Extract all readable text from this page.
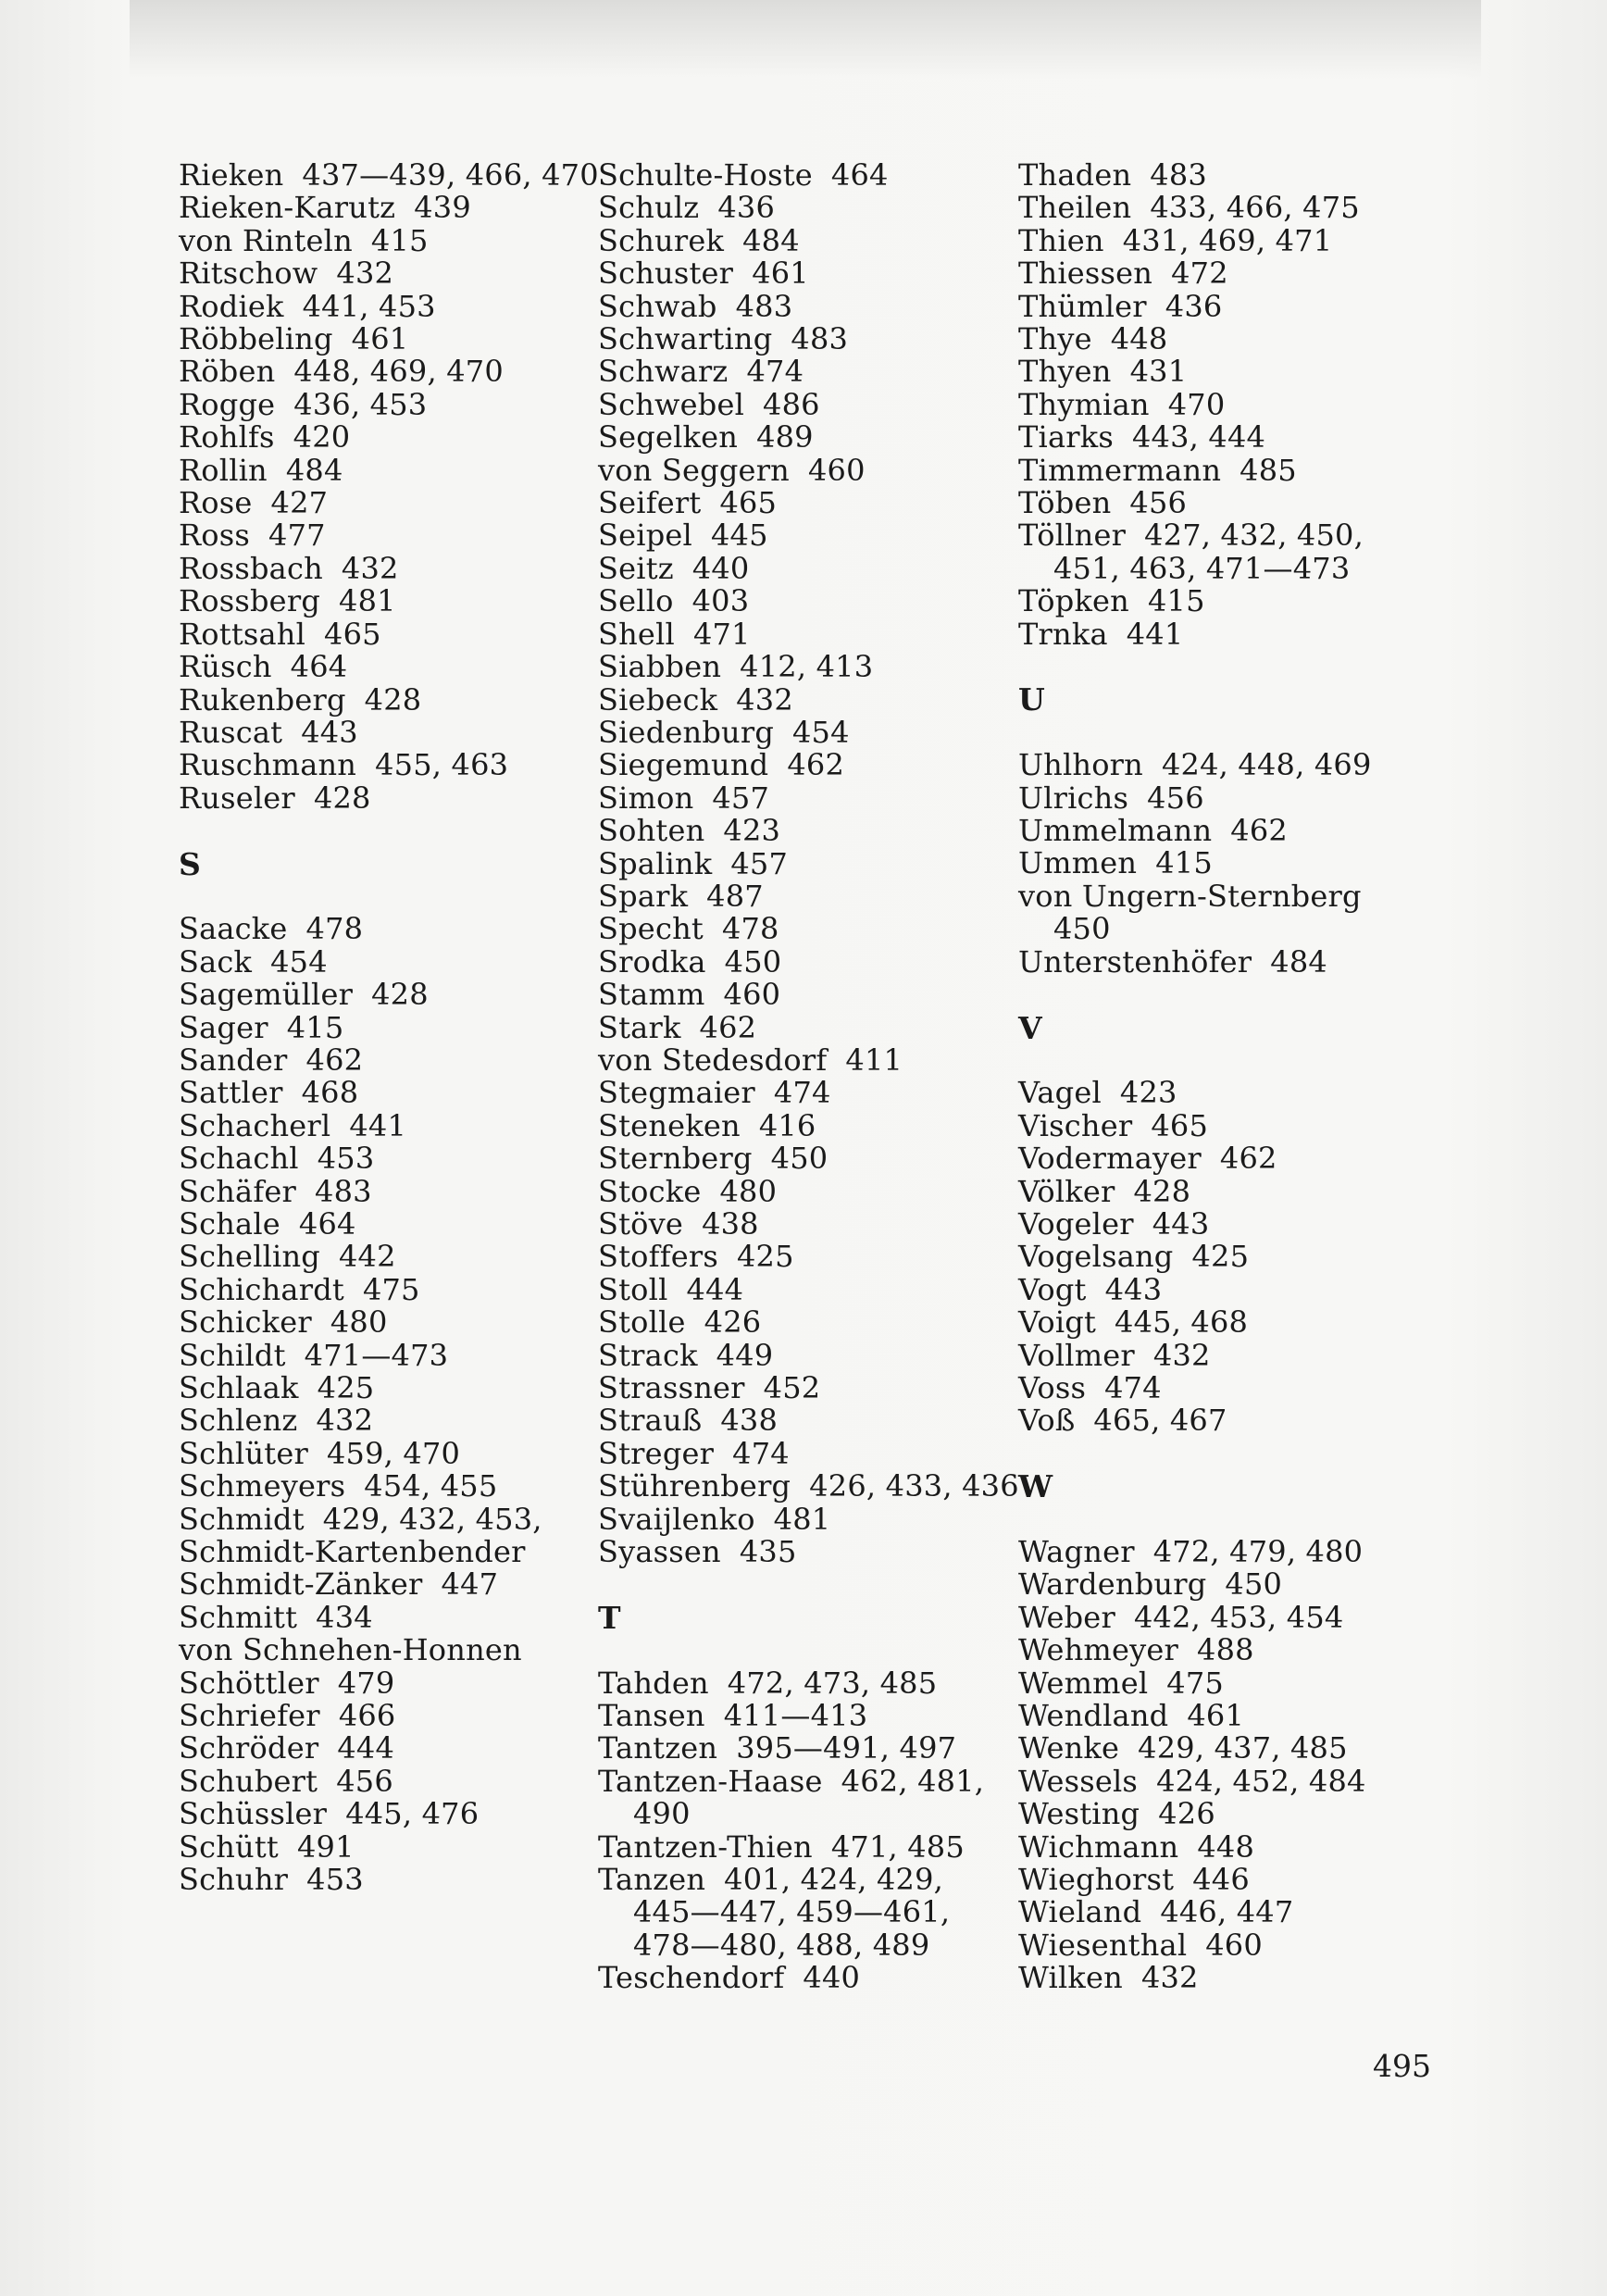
Rieken 437—439, 466, 470
Rieken-Karutz 439
von Rinteln 415
Ritschow 432
Rodiek 441, 453
Röbbeling 461
Röben 448, 469, 470
Rogge 436, 453
Rohlfs 420
Rollin 484
Rose 427
Ross 477
Rossbach 432
Rossberg 481
Rottsahl 465
Rüsch 464
Rukenberg 428
Ruscat 443
Ruschmann 455, 463
Ruseler 428
S
Saacke 478
Sack 454
Sagemüller 428
Sager 415
Sander 462
Sattler 468
Schacherl 441
Schachl 453
Schäfer 483
Schale 464
Schelling 442
Schichardt 475
Schicker 480
Schildt 471—473
Schlaak 425
Schlenz 432
Schlüter 459, 470
Schmeyers 454, 455
Schmidt 429, 432, 453,
Schmidt-Kartenbender
Schmidt-Zänker 447
Schmitt 434
von Schnehen-Honnen
Schöttler 479
Schriefer 466
Schröder 444
Schubert 456
Schüssler 445, 476
Schütt 491
Schuhr 453
Schulte-Hoste 464
Schulz 436
Schurek 484
Schuster 461
Schwab 483
Schwarting 483
Schwarz 474
Schwebel 486
Segelken 489
von Seggern 460
Seifert 465
Seipel 445
Seitz 440
Sello 403
Shell 471
Siabben 412, 413
Siebeck 432
Siedenburg 454
Siegemund 462
Simon 457
Sohten 423
Spalink 457
Spark 487
Specht 478
Srodka 450
Stamm 460
Stark 462
von Stedesdorf 411
Stegmaier 474
Steneken 416
Sternberg 450
Stocke 480
Stöve 438
Stoffers 425
Stoll 444
Stolle 426
Strack 449
Strassner 452
Strauß 438
Streger 474
Stührenberg 426, 433, 436
Svaijlenko 481
Syassen 435
T
Tahden 472, 473, 485
Tansen 411—413
Tantzen 395—491, 497
Tantzen-Haase 462, 481,
490
Tantzen-Thien 471, 485
Tanzen 401, 424, 429,
445—447, 459—461,
478—480, 488, 489
Teschendorf 440
Thaden 483
Theilen 433, 466, 475
Thien 431, 469, 471
Thiessen 472
Thümler 436
Thye 448
Thyen 431
Thymian 470
Tiarks 443, 444
Timmermann 485
Töben 456
Töllner 427, 432, 450,
451, 463, 471—473
Töpken 415
Trnka 441
U
Uhlhorn 424, 448, 469
Ulrichs 456
Ummelmann 462
Ummen 415
von Ungern-Sternberg
450
Unterstenhöfer 484
V
Vagel 423
Vischer 465
Vodermayer 462
Völker 428
Vogeler 443
Vogelsang 425
Vogt 443
Voigt 445, 468
Vollmer 432
Voss 474
Voß 465, 467
W
Wagner 472, 479, 480
Wardenburg 450
Weber 442, 453, 454
Wehmeyer 488
Wemmel 475
Wendland 461
Wenke 429, 437, 485
Wessels 424, 452, 484
Westing 426
Wichmann 448
Wieghorst 446
Wieland 446, 447
Wiesenthal 460
Wilken 432
495
